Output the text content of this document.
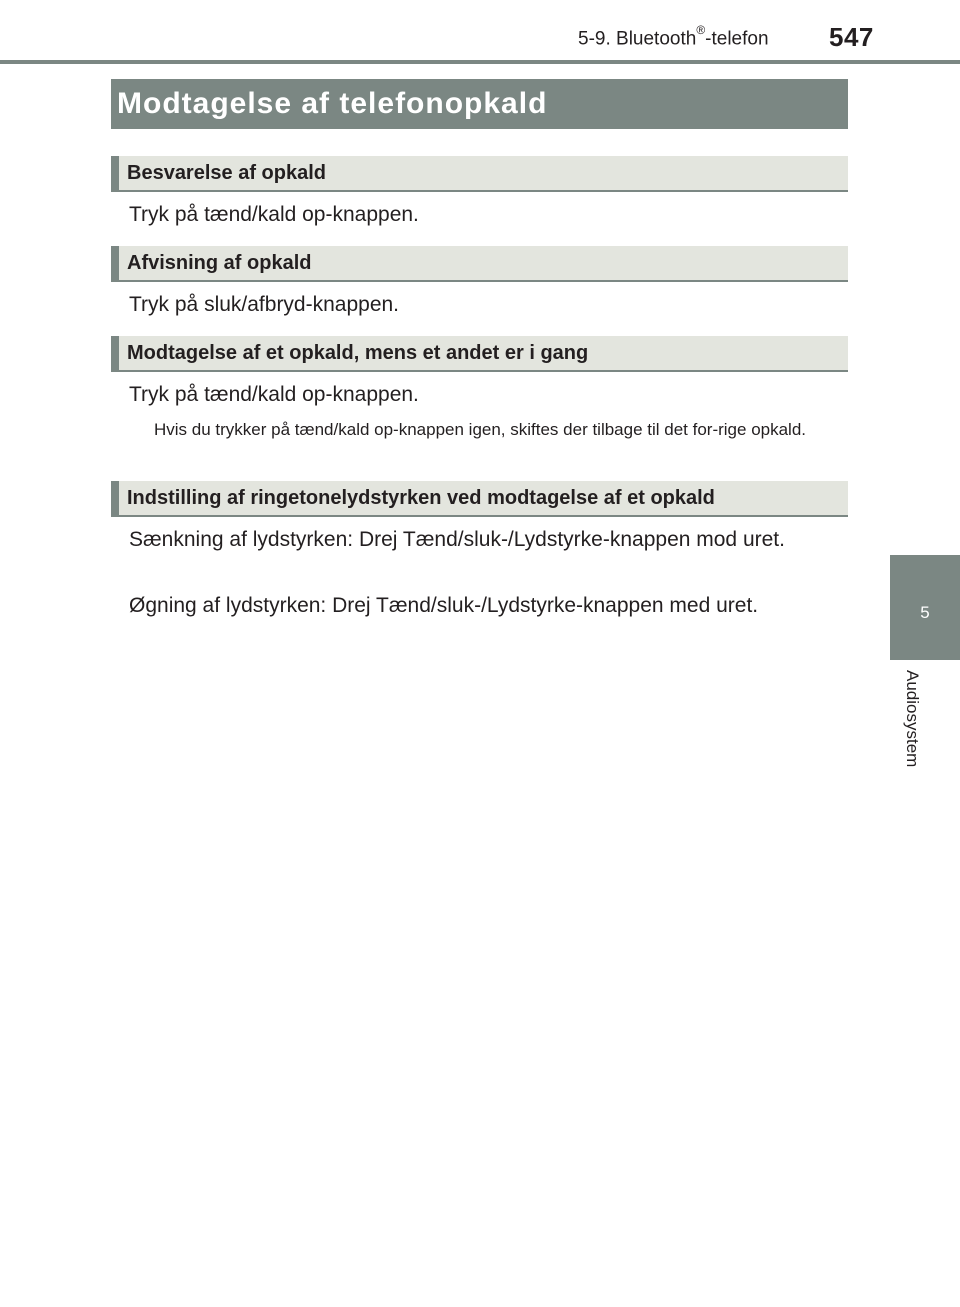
5-9. Bluetooth®-telefon 547
5
Audiosystem
Modtagelse af telefonopkald
Besvarelse af opkald
Tryk på tænd/kald op-knappen.
Afvisning af opkald
Tryk på sluk/afbryd-knappen.
Modtagelse af et opkald, mens et andet er i gang
Tryk på tænd/kald op-knappen.
Hvis du trykker på tænd/kald op-knappen igen, skiftes der tilbage til det for-rige opkald.
Indstilling af ringetonelydstyrken ved modtagelse af et opkald
Sænkning af lydstyrken: Drej Tænd/sluk-/Lydstyrke-knappen mod uret.
Øgning af lydstyrken: Drej Tænd/sluk-/Lydstyrke-knappen med uret.
